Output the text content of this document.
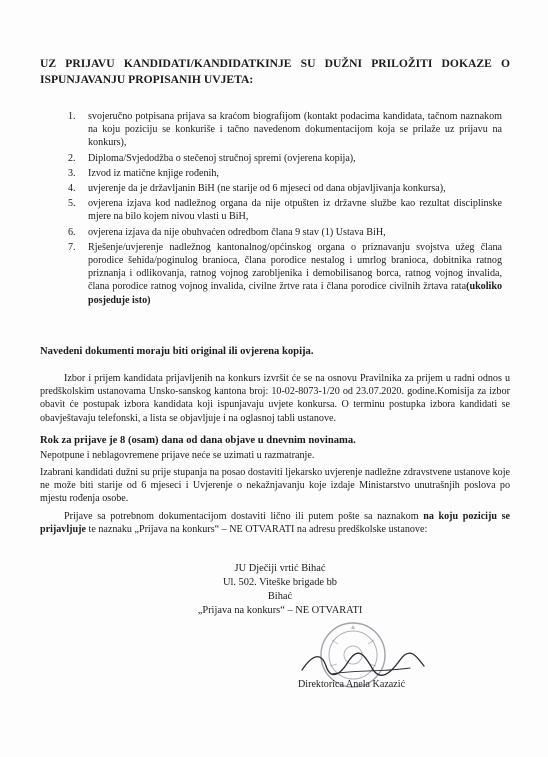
UZ PRIJAVU KANDIDATI/KANDIDATKINJE SU DUŽNI PRILOŽITI DOKAZE O ISPUNJAVANJU PROPISANIH UVJETA:
1. svojeručno potpisana prijava sa kraćom biografijom (kontakt podacima kandidata, tačnom naznakom na koju poziciju se konkuriše i tačno navedenom dokumentacijom koja se prilaže uz prijavu na konkurs),
2. Diploma/Svjedodžba o stečenoj stručnoj spremi (ovjerena kopija),
3. Izvod iz matične knjige rođenih,
4. uvjerenje da je državljanin BiH (ne starije od 6 mjeseci od dana objavljivanja konkursa),
5. ovjerena izjava kod nadležnog organa da nije otpušten iz državne službe kao rezultat disciplinske mjere na bilo kojem nivou vlasti u BiH,
6. ovjerena izjava da nije obuhvaćen odredbom člana 9 stav (1) Ustava BiH,
7. Rješenje/uvjerenje nadležnog kantonalnog/općinskog organa o priznavanju svojstva užeg člana porodice šehida/poginulog branioca, člana porodice nestalog i umrlog branioca, dobitnika ratnog priznanja i odlikovanja, ratnog vojnog zarobljenika i demobilisanog borca, ratnog vojnog invalida, člana porodice ratnog vojnog invalida, civilne žrtve rata i člana porodice civilnih žrtava rata(ukoliko posjeduje isto)
Navedeni dokumenti moraju biti original ili ovjerena kopija.
Izbor i prijem kandidata prijavljenih na konkurs izvršit će se na osnovu Pravilnika za prijem u radni odnos u predškolskim ustanovama Unsko-sanskog kantona broj: 10-02-8073-1/20 od 23.07.2020. godine.Komisija za izbor obavit će postupak izbora kandidata koji ispunjavaju uvjete konkursa. O terminu postupka izbora kandidati se obavještavaju telefonski, a lista se objavljuje i na oglasnoj tabli ustanove.
Rok za prijave je 8 (osam) dana od dana objave u dnevnim novinama.
Nepotpune i neblagovremene prijave neće se uzimati u razmatranje.
Izabrani kandidati dužni su prije stupanja na posao dostaviti ljekarsko uvjerenje nadležne zdravstvene ustanove koje ne može biti starije od 6 mjeseci i Uvjerenje o nekažnjavanju koje izdaje Ministarstvo unutrašnjih poslova po mjestu rođenja osobe.
Prijave sa potrebnom dokumentacijom dostaviti lično ili putem pošte sa naznakom na koju poziciju se prijavljuje te naznaku „Prijava na konkurs“ – NE OTVARATI na adresu predškolske ustanove:
JU Dječiji vrtić Bihać
Ul. 502. Viteške brigade bb
Bihać
„Prijava na konkurs“ – NE OTVARATI
Direktorica Anela Kazazić
